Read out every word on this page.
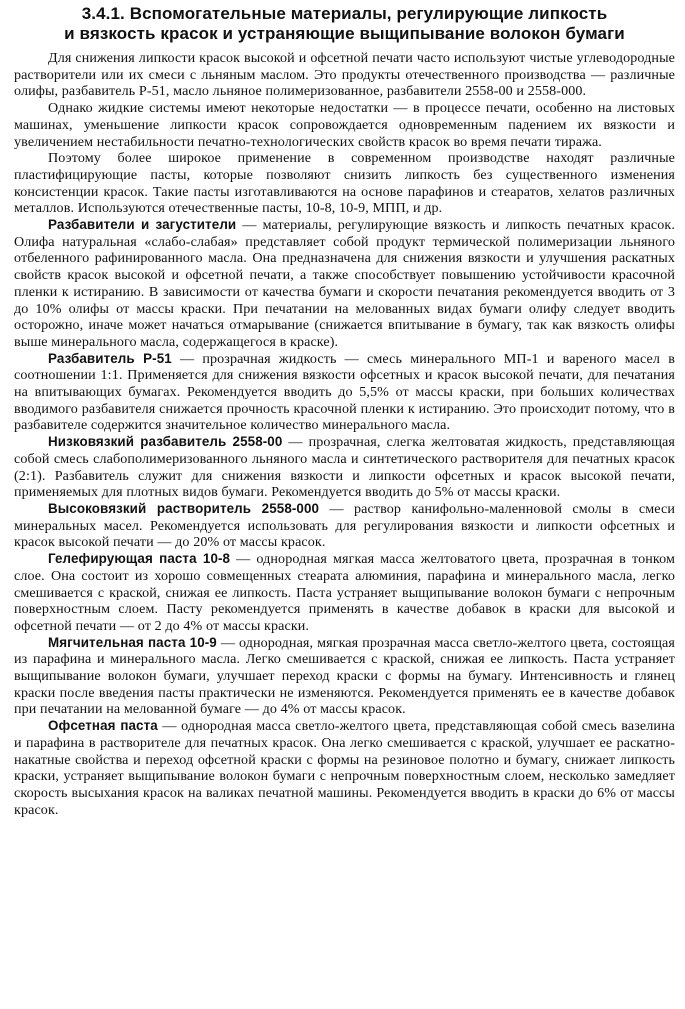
3.4.1. Вспомогательные материалы, регулирующие липкость
и вязкость красок и устраняющие выщипывание волокон бумаги

Для снижения липкости красок высокой и офсетной печати часто используют чистые углеводородные растворители или их смеси с льняным маслом. Это продукты отечественного производства — различные олифы, разбавитель Р-51, масло льняное полимеризованное, разбавители 2558-00 и 2558-000.

Однако жидкие системы имеют некоторые недостатки — в процессе печати, особенно на листовых машинах, уменьшение липкости красок сопровождается одновременным падением их вязкости и увеличением нестабильности печатно-технологических свойств красок во время печати тиража.

Поэтому более широкое применение в современном производстве находят различные пластифицирующие пасты, которые позволяют снизить липкость без существенного изменения консистенции красок. Такие пасты изготавливаются на основе парафинов и стеаратов, хелатов различных металлов. Используются отечественные пасты, 10-8, 10-9, МПП, и др.

Разбавители и загустители — материалы, регулирующие вязкость и липкость печатных красок. Олифа натуральная «слабо-слабая» представляет собой продукт термической полимеризации льняного отбеленного рафинированного масла. Она предназначена для снижения вязкости и улучшения раскатных свойств красок высокой и офсетной печати, а также способствует повышению устойчивости красочной пленки к истиранию. В зависимости от качества бумаги и скорости печатания рекомендуется вводить от 3 до 10% олифы от массы краски. При печатании на мелованных видах бумаги олифу следует вводить осторожно, иначе может начаться отмарывание (снижается впитывание в бумагу, так как вязкость олифы выше минерального масла, содержащегося в краске).

Разбавитель Р-51 — прозрачная жидкость — смесь минерального МП-1 и вареного масел в соотношении 1:1. Применяется для снижения вязкости офсетных и красок высокой печати, для печатания на впитывающих бумагах. Рекомендуется вводить до 5,5% от массы краски, при больших количествах вводимого разбавителя снижается прочность красочной пленки к истиранию. Это происходит потому, что в разбавителе содержится значительное количество минерального масла.

Низковязкий разбавитель 2558-00 — прозрачная, слегка желтоватая жидкость, представляющая собой смесь слабополимеризованного льняного масла и синтетического растворителя для печатных красок (2:1). Разбавитель служит для снижения вязкости и липкости офсетных и красок высокой печати, применяемых для плотных видов бумаги. Рекомендуется вводить до 5% от массы краски.

Высоковязкий растворитель 2558-000 — раствор канифольно-маленновой смолы в смеси минеральных масел. Рекомендуется использовать для регулирования вязкости и липкости офсетных и красок высокой печати — до 20% от массы красок.

Гелефирующая паста 10-8 — однородная мягкая масса желтоватого цвета, прозрачная в тонком слое. Она состоит из хорошо совмещенных стеарата алюминия, парафина и минерального масла, легко смешивается с краской, снижая ее липкость. Паста устраняет выщипывание волокон бумаги с непрочным поверхностным слоем. Пасту рекомендуется применять в качестве добавок в краски для высокой и офсетной печати — от 2 до 4% от массы краски.

Мягчительная паста 10-9 — однородная, мягкая прозрачная масса светло-желтого цвета, состоящая из парафина и минерального масла. Легко смешивается с краской, снижая ее липкость. Паста устраняет выщипывание волокон бумаги, улучшает переход краски с формы на бумагу. Интенсивность и глянец краски после введения пасты практически не изменяются. Рекомендуется применять ее в качестве добавок при печатании на мелованной бумаге — до 4% от массы красок.

Офсетная паста — однородная масса светло-желтого цвета, представляющая собой смесь вазелина и парафина в растворителе для печатных красок. Она легко смешивается с краской, улучшает ее раскатно-накатные свойства и переход офсетной краски с формы на резиновое полотно и бумагу, снижает липкость краски, устраняет выщипывание волокон бумаги с непрочным поверхностным слоем, несколько замедляет скорость высыхания красок на валиках печатной машины. Рекомендуется вводить в краски до 6% от массы красок.
